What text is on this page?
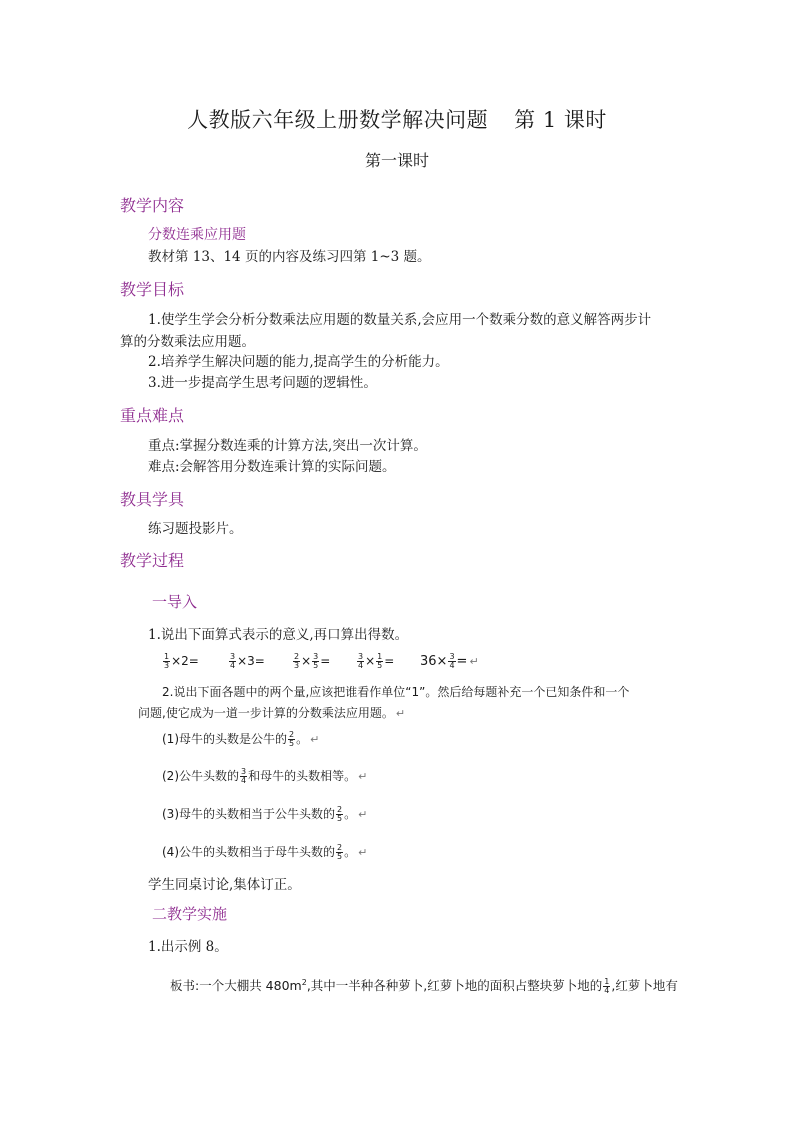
人教版六年级上册数学解决问题 第 1 课时
第一课时
教学内容
分数连乘应用题
教材第 13、14 页的内容及练习四第 1~3 题。
教学目标
1.使学生学会分析分数乘法应用题的数量关系,会应用一个数乘分数的意义解答两步计
算的分数乘法应用题。
2.培养学生解决问题的能力,提高学生的分析能力。
3.进一步提高学生思考问题的逻辑性。
重点难点
重点:掌握分数连乘的计算方法,突出一次计算。
难点:会解答用分数连乘计算的实际问题。
教具学具
练习题投影片。
教学过程
一导入
1.说出下面算式表示的意义,再口算出得数。
$\frac{1}{3} \times 2=$	$\frac{3}{4} \times 3=$	$\frac{2}{3} \times \frac{3}{5}$ =	$\frac{3}{4} \times \frac{1}{5} = 36\times \frac{3}{4}$ = ↵
2.说出下面各题中的两个量,应该把谁看作单位“1”。然后给每题补充一个已知条件和一个
问题,使它成为一道一步计算的分数乘法应用题。 ↵
(1)母牛的头数是公牛的 $\frac{2}{5}$ 。 ↵
(2)公牛头数的 $\frac{3}{4}$ 和母牛的头数相等。 ↵
(3)母牛的头数相当于公牛头数的 $\frac{2}{5}$ 。 ↵
(4)公牛的头数相当于母牛头数的 $\frac{2}{5}$ 。 ↵
学生同桌讨论,集体订正。
二教学实施
1.出示例 8。
板书:一个大棚共 $480m^2$,其中一半种各种萝卜,红萝卜地的面积占整块萝卜地的 $\frac{1}{4}$ ,红萝卜地有
